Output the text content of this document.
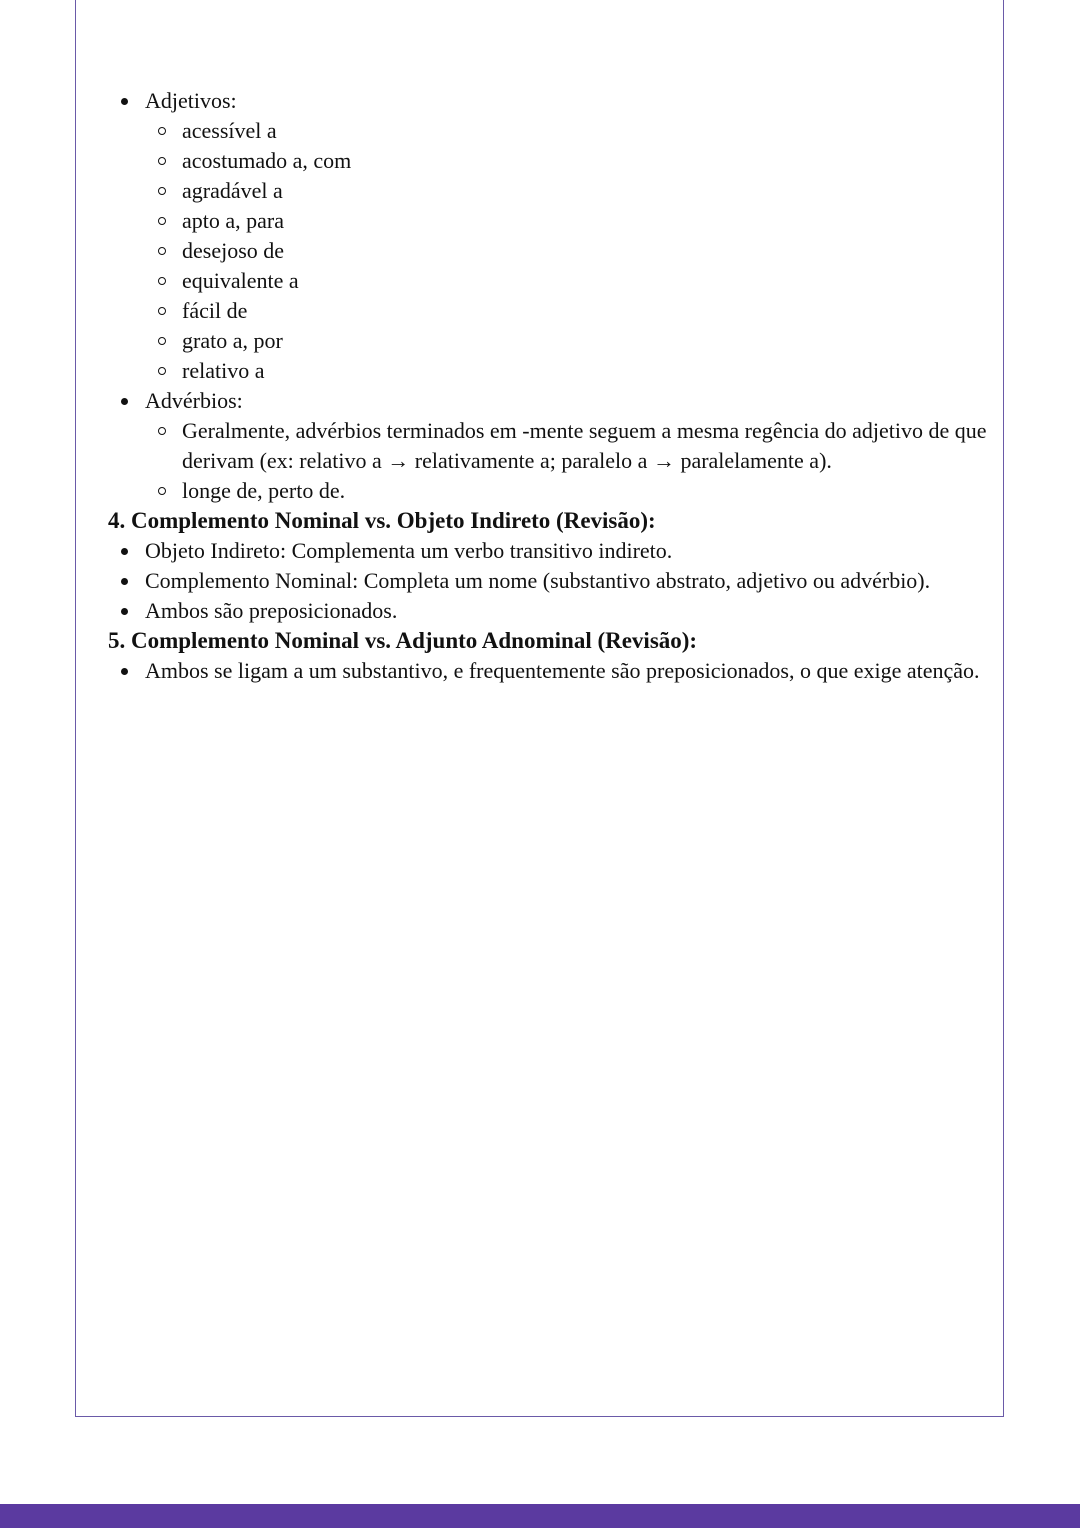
Adjetivos:
acessível a
acostumado a, com
agradável a
apto a, para
desejoso de
equivalente a
fácil de
grato a, por
relativo a
Advérbios:
Geralmente, advérbios terminados em -mente seguem a mesma regência do adjetivo de que derivam (ex: relativo a → relativamente a; paralelo a → paralelamente a).
longe de, perto de.
4. Complemento Nominal vs. Objeto Indireto (Revisão):
Objeto Indireto: Complementa um verbo transitivo indireto.
Complemento Nominal: Completa um nome (substantivo abstrato, adjetivo ou advérbio).
Ambos são preposicionados.
5. Complemento Nominal vs. Adjunto Adnominal (Revisão):
Ambos se ligam a um substantivo, e frequentemente são preposicionados, o que exige atenção.
